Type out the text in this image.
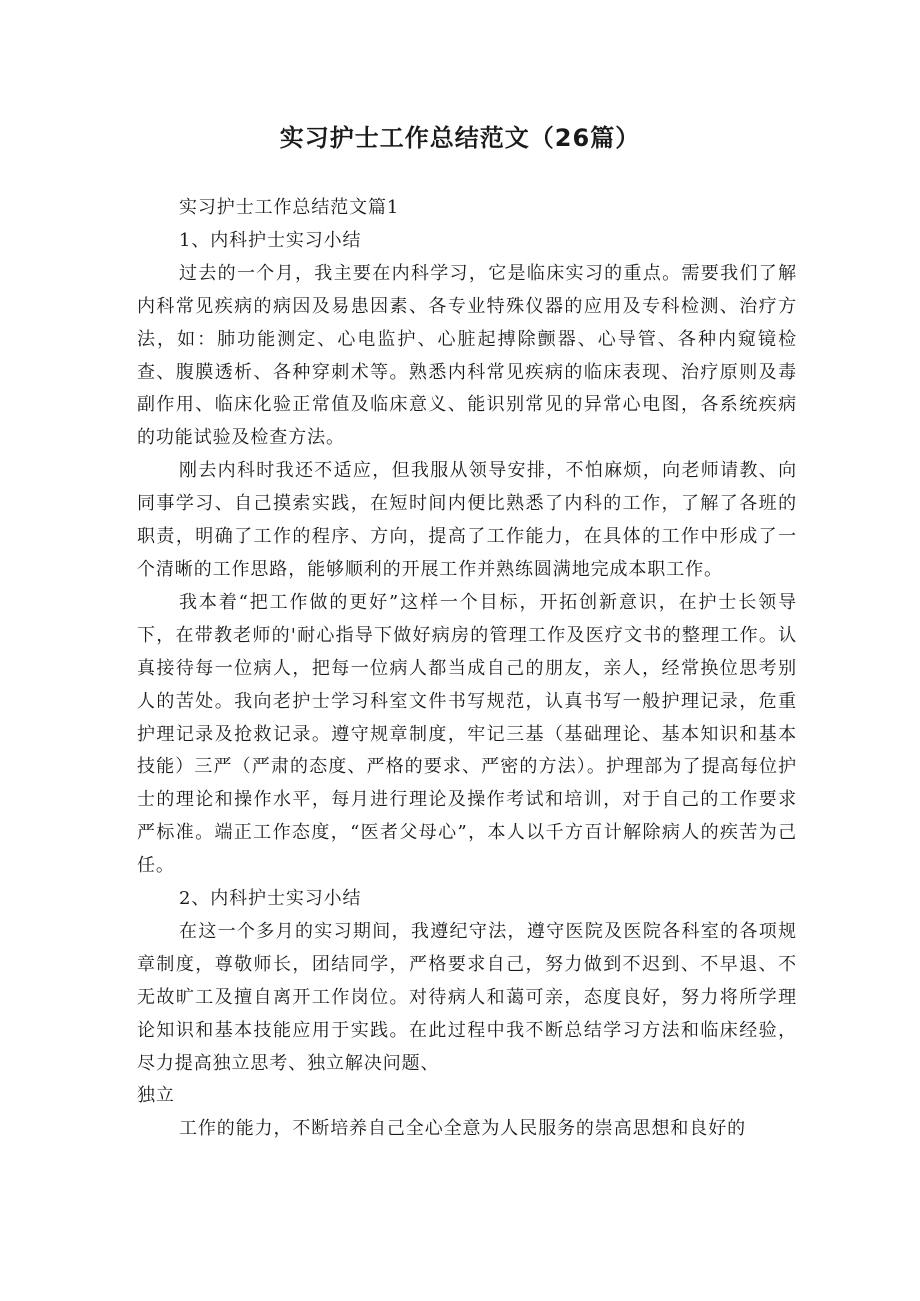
实习护士工作总结范文（26篇）

实习护士工作总结范文篇1

1、内科护士实习小结

过去的一个月，我主要在内科学习，它是临床实习的重点。需要我们了解内科常见疾病的病因及易患因素、各专业特殊仪器的应用及专科检测、治疗方法，如：肺功能测定、心电监护、心脏起搏除颤器、心导管、各种内窥镜检查、腹膜透析、各种穿刺术等。熟悉内科常见疾病的临床表现、治疗原则及毒副作用、临床化验正常值及临床意义、能识别常见的异常心电图，各系统疾病的功能试验及检查方法。

刚去内科时我还不适应，但我服从领导安排，不怕麻烦，向老师请教、向同事学习、自己摸索实践，在短时间内便比熟悉了内科的工作，了解了各班的职责，明确了工作的程序、方向，提高了工作能力，在具体的工作中形成了一个清晰的工作思路，能够顺利的开展工作并熟练圆满地完成本职工作。

我本着“把工作做的更好”这样一个目标，开拓创新意识，在护士长领导下，在带教老师的'耐心指导下做好病房的管理工作及医疗文书的整理工作。认真接待每一位病人，把每一位病人都当成自己的朋友，亲人，经常换位思考别人的苦处。我向老护士学习科室文件书写规范，认真书写一般护理记录，危重护理记录及抢救记录。遵守规章制度，牢记三基（基础理论、基本知识和基本技能）三严（严肃的态度、严格的要求、严密的方法）。护理部为了提高每位护士的理论和操作水平，每月进行理论及操作考试和培训，对于自己的工作要求严标准。端正工作态度，“医者父母心”，本人以千方百计解除病人的疾苦为己任。

2、内科护士实习小结

在这一个多月的实习期间，我遵纪守法，遵守医院及医院各科室的各项规章制度，尊敬师长，团结同学，严格要求自己，努力做到不迟到、不早退、不无故旷工及擅自离开工作岗位。对待病人和蔼可亲，态度良好，努力将所学理论知识和基本技能应用于实践。在此过程中我不断总结学习方法和临床经验，尽力提高独立思考、独立解决问题、

独立

工作的能力，不断培养自己全心全意为人民服务的崇高思想和良好的
